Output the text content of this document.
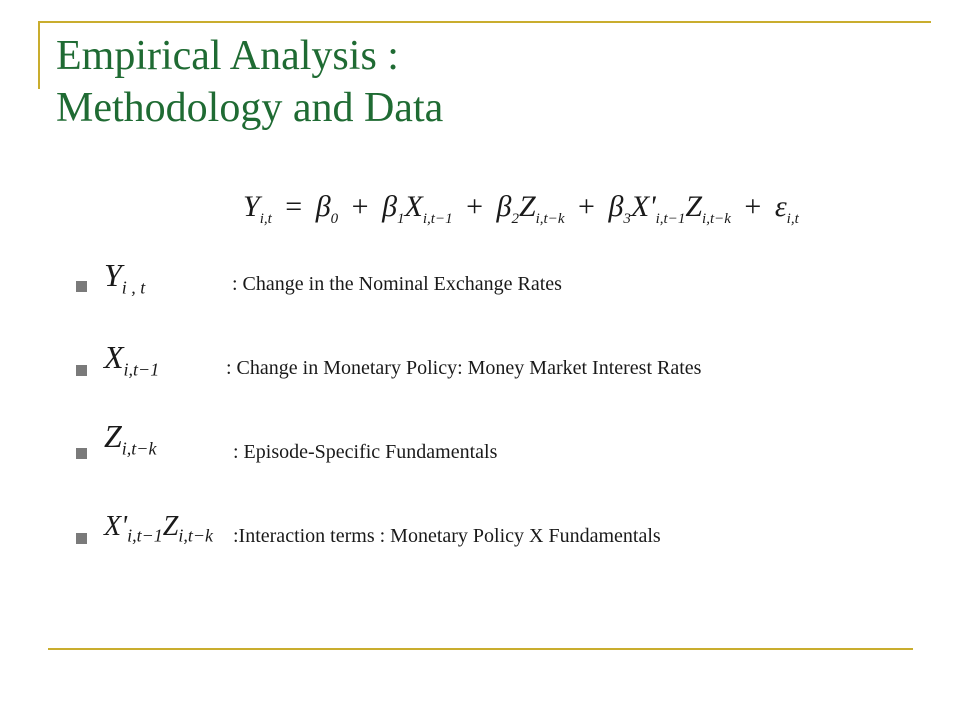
Empirical Analysis :
Methodology and Data
$Y_{i,t} = \beta_0 + \beta_1X_{i,t-1} + \beta_2Z_{i,t-k} + \beta_3X'_{i,t-1}Z_{i,t-k} + \varepsilon_{i,t}$
$Y_{i , t}$	: Change in the Nominal Exchange Rates
$X_{i,t-1}$	: Change in Monetary Policy: Money Market Interest Rates
$Z_{i,t-k}$	: Episode-Specific Fundamentals
$X'_{i,t-1}Z_{i,t-k}$ :Interaction terms : Monetary Policy X Fundamentals
